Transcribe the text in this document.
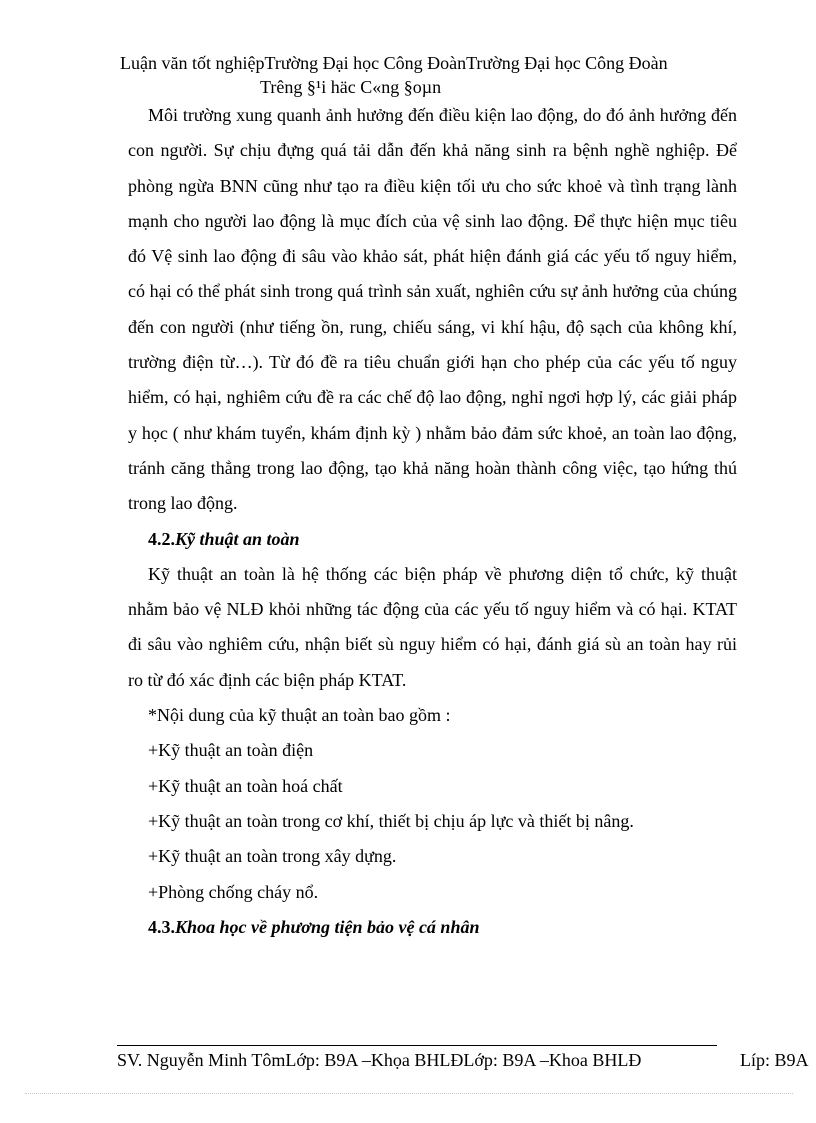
Luận văn tốt nghiệpTrường Đại học Công ĐoànTrường Đại học Công Đoàn
Trêng §¹i häc C«ng §oµn

Môi trường xung quanh ảnh hưởng đến điều kiện lao động, do đó ảnh hưởng đến con người. Sự chịu đựng quá tải dẫn đến khả năng sinh ra bệnh nghề nghiệp. Để phòng ngừa BNN cũng như tạo ra điều kiện tối ưu cho sức khoẻ và tình trạng lành mạnh cho người lao động là mục đích của vệ sinh lao động. Để thực hiện mục tiêu đó Vệ sinh lao động đi sâu vào khảo sát, phát hiện đánh giá các yếu tố nguy hiểm, có hại có thể phát sinh trong quá trình sản xuất, nghiên cứu sự ảnh hưởng của chúng đến con người (như tiếng ồn, rung, chiếu sáng, vi khí hậu, độ sạch của không khí, trường điện từ…). Từ đó đề ra tiêu chuẩn giới hạn cho phép của các yếu tố nguy hiểm, có hại, nghiêm cứu đề ra các chế độ lao động, nghỉ ngơi hợp lý, các giải pháp y học ( như khám tuyển, khám định kỳ ) nhằm bảo đảm sức khoẻ, an toàn lao động, tránh căng thẳng trong lao động, tạo khả năng hoàn thành công việc, tạo hứng thú trong lao động.

4.2.Kỹ thuật an toàn

Kỹ thuật an toàn là hệ thống các biện pháp về phương diện tổ chức, kỹ thuật nhằm bảo vệ NLĐ khỏi những tác động của các yếu tố nguy hiểm và có hại. KTAT đi sâu vào nghiêm cứu, nhận biết sù nguy hiểm có hại, đánh giá sù an toàn hay rủi ro từ đó xác định các biện pháp KTAT.

*Nội dung của kỹ thuật an toàn bao gồm :

+Kỹ thuật an toàn điện

+Kỹ thuật an toàn hoá chất

+Kỹ thuật an toàn trong cơ khí, thiết bị chịu áp lực và thiết bị nâng.

+Kỹ thuật an toàn trong xây dựng.

+Phòng chống cháy nổ.

4.3.Khoa học về phương tiện bảo vệ cá nhân

SV. Nguyễn Minh TômLớp: B9A –Khọa BHLĐLớp: B9A –Khoa BHLĐ	Líp: B9A
